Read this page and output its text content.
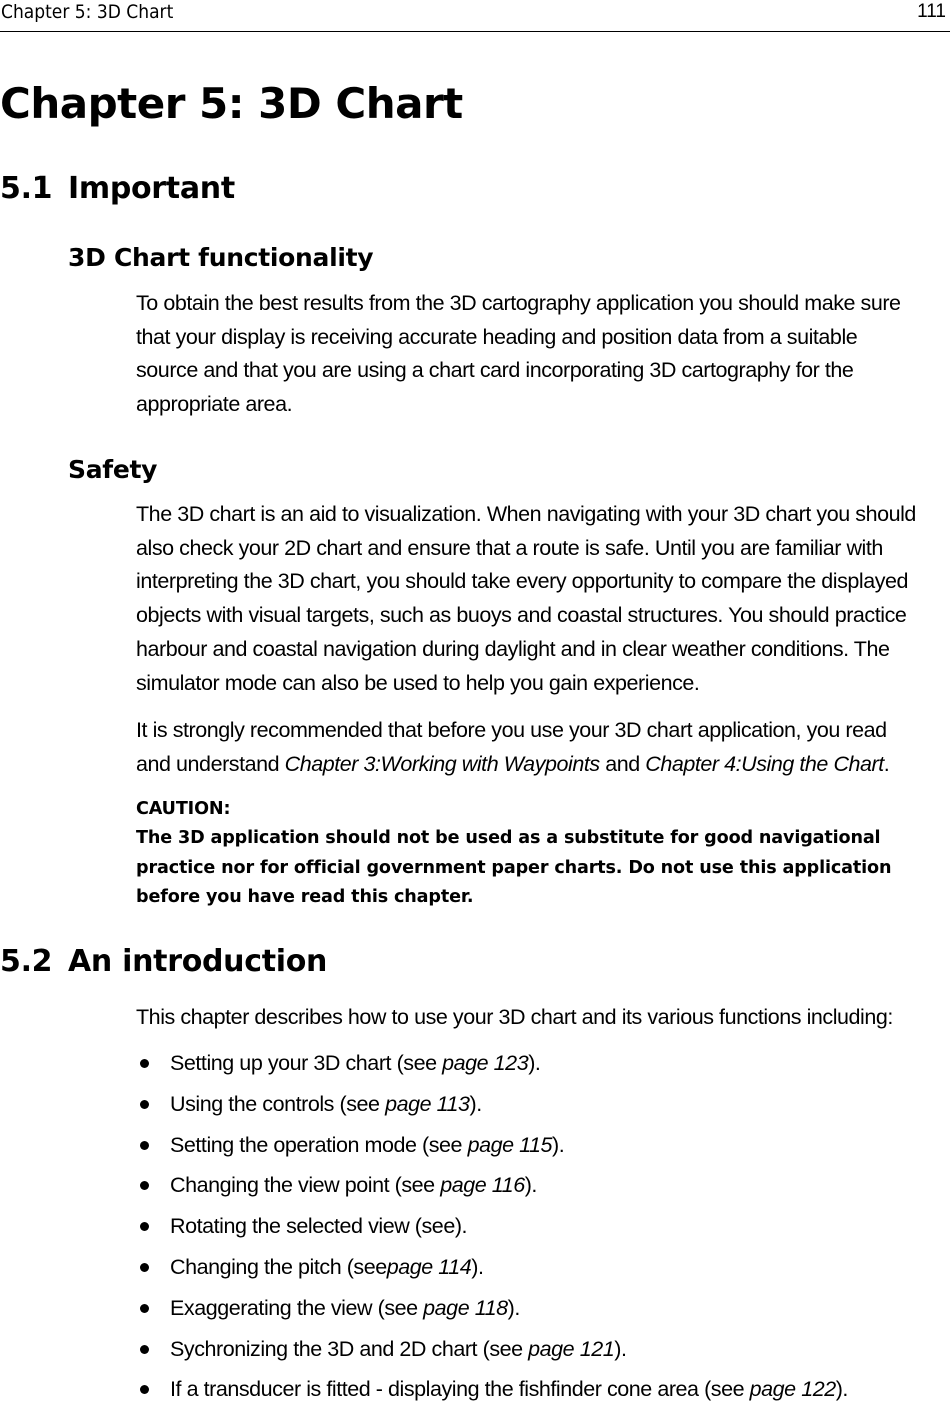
Chapter 5: 3D Chart	111
Chapter 5: 3D Chart
5.1 Important
3D Chart functionality

To obtain the best results from the 3D cartography application you should make sure
that your display is receiving accurate heading and position data from a suitable
source and that you are using a chart card incorporating 3D cartography for the
appropriate area.

Safety

The 3D chart is an aid to visualization. When navigating with your 3D chart you should
also check your 2D chart and ensure that a route is safe. Until you are familiar with
interpreting the 3D chart, you should take every opportunity to compare the displayed
objects with visual targets, such as buoys and coastal structures. You should practice
harbour and coastal navigation during daylight and in clear weather conditions. The
simulator mode can also be used to help you gain experience.

It is strongly recommended that before you use your 3D chart application, you read
and understand Chapter 3:Working with Waypoints and Chapter 4:Using the Chart.

CAUTION:

The 3D application should not be used as a substitute for good navigational
practice nor for official government paper charts. Do not use this application
before you have read this chapter.

5.2 An introduction

This chapter describes how to use your 3D chart and its various functions including:

Setting up your 3D chart (see page 123).
Using the controls (see page 113).
Setting the operation mode (see page 115).
Changing the view point (see page 116).
Rotating the selected view (see).
Changing the pitch (seepage 114).
Exaggerating the view (see page 118).
Sychronizing the 3D and 2D chart (see page 121).
If a transducer is fitted - displaying the fishfinder cone area (see page 122).
